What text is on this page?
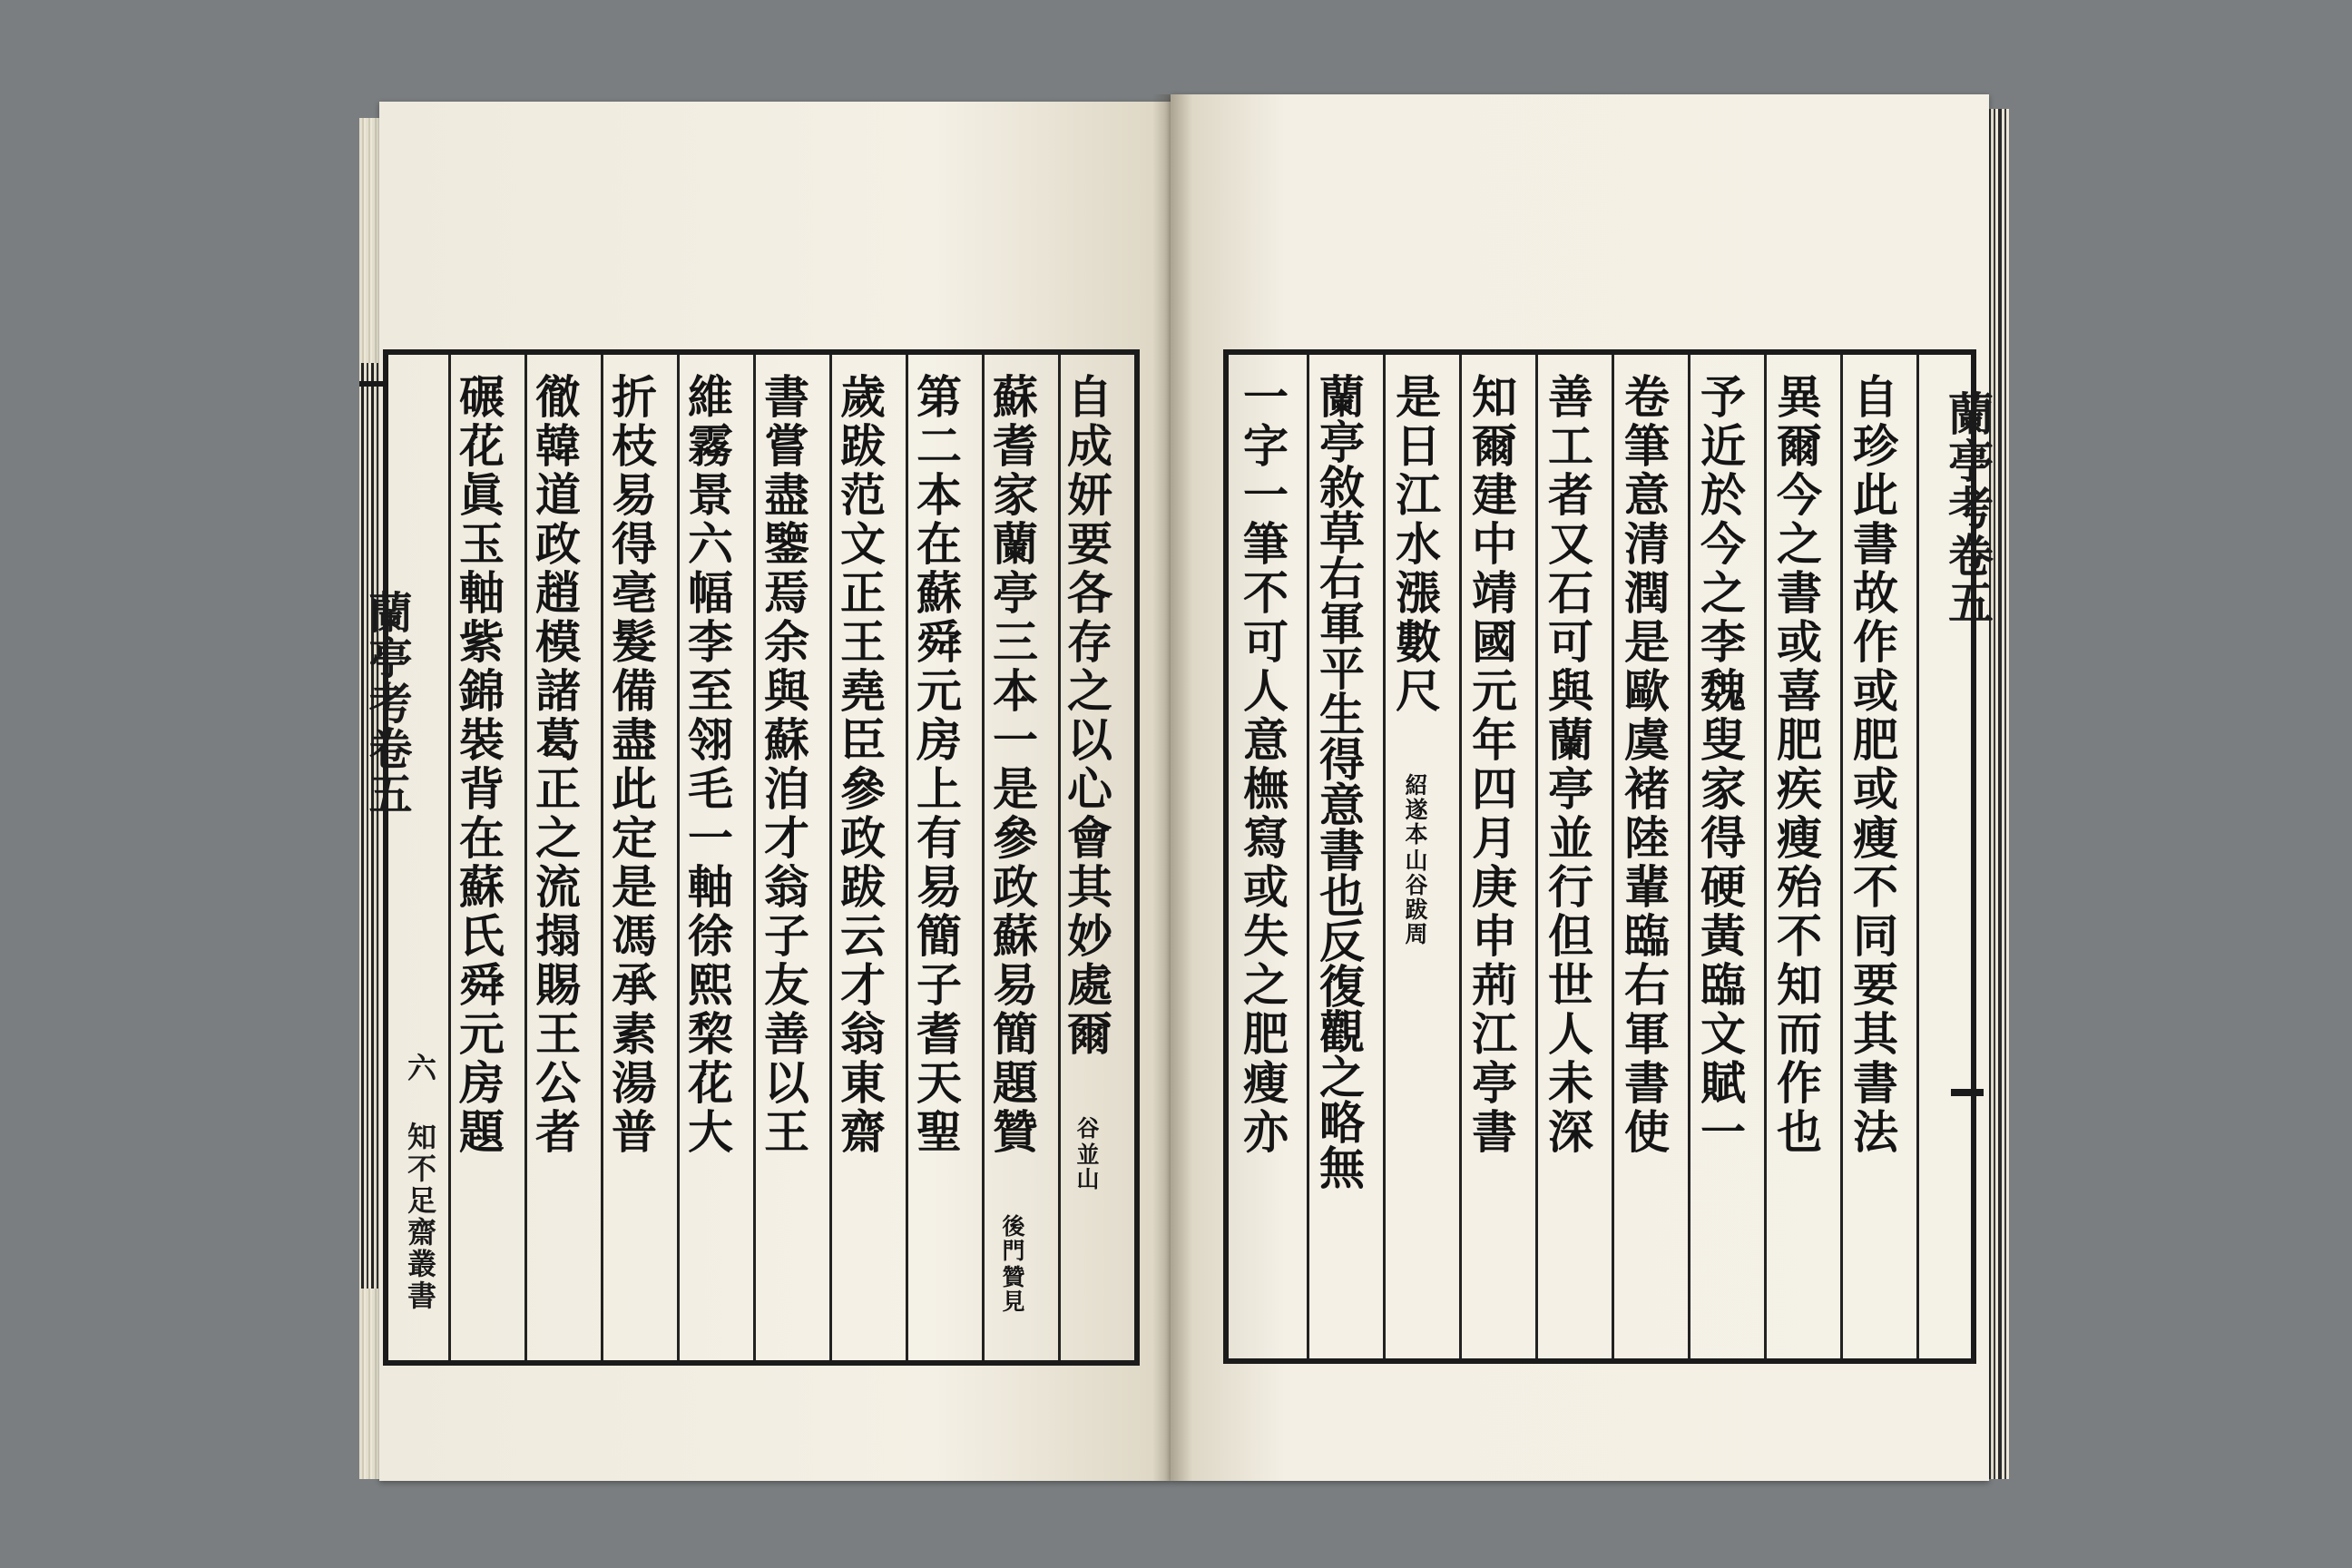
自成妍要各存之以心會其妙處爾
並山
谷
蘇耆家蘭亭三本一是參政蘇易簡題贊
贊見
後門
第二本在蘇舜元房上有易簡子耆天聖
歲跋范文正王堯臣參政跋云才翁東齋
書嘗盡鑒焉余與蘇洎才翁子友善以王
維霧景六幅李至翎毛一軸徐熙棃花大
折枝易得亳髮備盡此定是馮承素湯普
徹韓道政趙模諸葛正之流搨賜王公者
碾花眞玉軸紫錦裝背在蘇氏舜元房題
蘭亭考卷五
六 知不足齋叢書
自珍此書故作或肥或瘦不同要其書法
異爾今之書或喜肥疾瘦殆不知而作也
予近於今之李魏叟家得硬黃臨文賦一
卷筆意清潤是歐虞褚陸輩臨右軍書使
善工者又石可與蘭亭並行但世人未深
知爾建中靖國元年四月庚申荊江亭書
是日江水漲數尺
山谷跋周
紹遂本
蘭亭敘草右軍平生得意書也反復觀之略無
一字一筆不可人意橅寫或失之肥瘦亦	蘭亭考卷五
